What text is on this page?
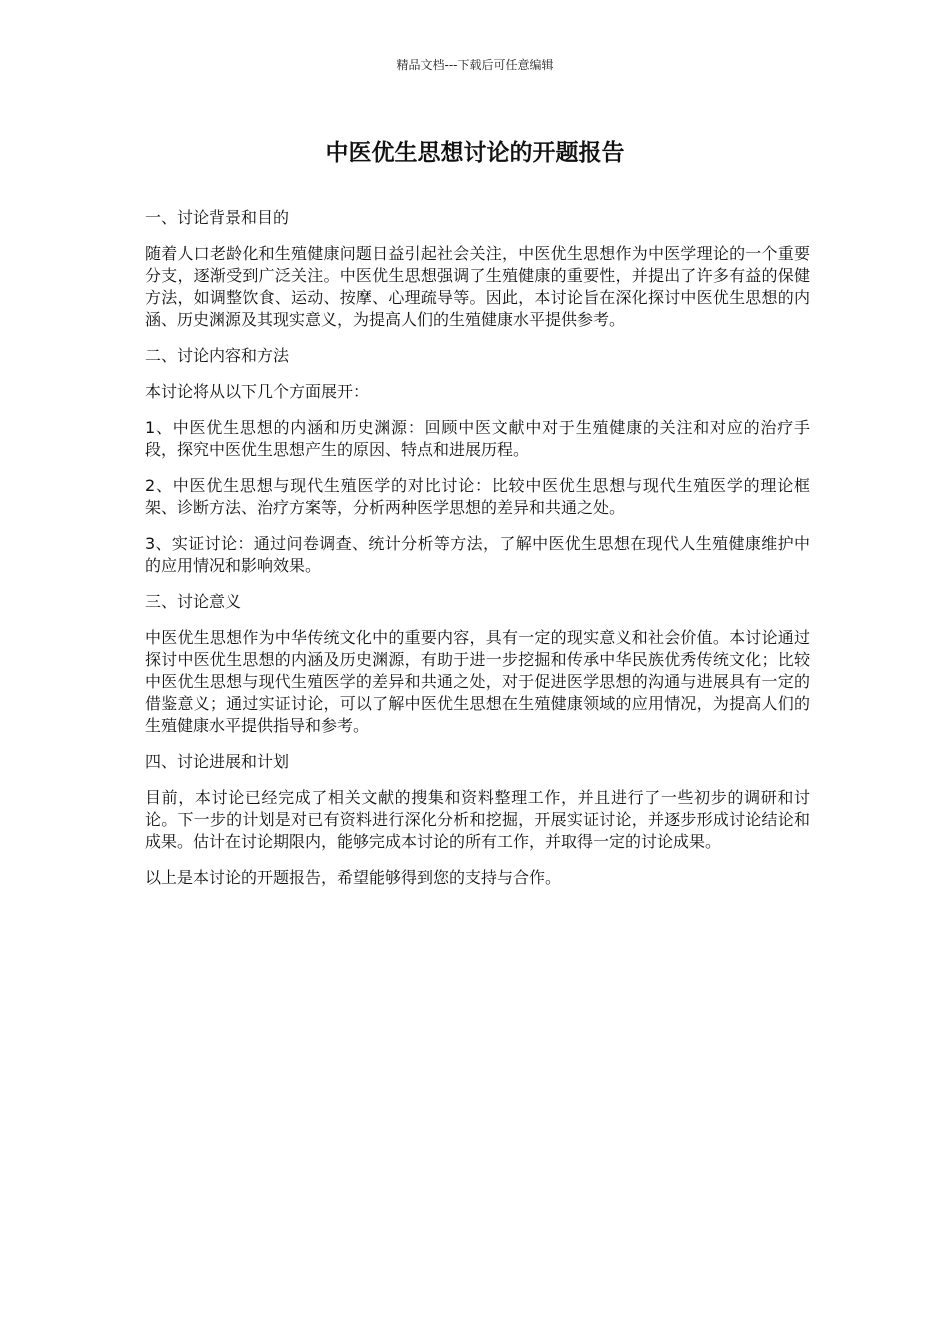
精品文档---下载后可任意编辑
中医优生思想讨论的开题报告

一、讨论背景和目的

随着人口老龄化和生殖健康问题日益引起社会关注，中医优生思想作为中医学理论的一个重要分支，逐渐受到广泛关注。中医优生思想强调了生殖健康的重要性，并提出了许多有益的保健方法，如调整饮食、运动、按摩、心理疏导等。因此，本讨论旨在深化探讨中医优生思想的内涵、历史渊源及其现实意义，为提高人们的生殖健康水平提供参考。

二、讨论内容和方法

本讨论将从以下几个方面展开：

1、中医优生思想的内涵和历史渊源：回顾中医文献中对于生殖健康的关注和对应的治疗手段，探究中医优生思想产生的原因、特点和进展历程。

2、中医优生思想与现代生殖医学的对比讨论：比较中医优生思想与现代生殖医学的理论框架、诊断方法、治疗方案等，分析两种医学思想的差异和共通之处。

3、实证讨论：通过问卷调查、统计分析等方法，了解中医优生思想在现代人生殖健康维护中的应用情况和影响效果。

三、讨论意义

中医优生思想作为中华传统文化中的重要内容，具有一定的现实意义和社会价值。本讨论通过探讨中医优生思想的内涵及历史渊源，有助于进一步挖掘和传承中华民族优秀传统文化；比较中医优生思想与现代生殖医学的差异和共通之处，对于促进医学思想的沟通与进展具有一定的借鉴意义；通过实证讨论，可以了解中医优生思想在生殖健康领域的应用情况，为提高人们的生殖健康水平提供指导和参考。

四、讨论进展和计划

目前，本讨论已经完成了相关文献的搜集和资料整理工作，并且进行了一些初步的调研和讨论。下一步的计划是对已有资料进行深化分析和挖掘，开展实证讨论，并逐步形成讨论结论和成果。估计在讨论期限内，能够完成本讨论的所有工作，并取得一定的讨论成果。

以上是本讨论的开题报告，希望能够得到您的支持与合作。
